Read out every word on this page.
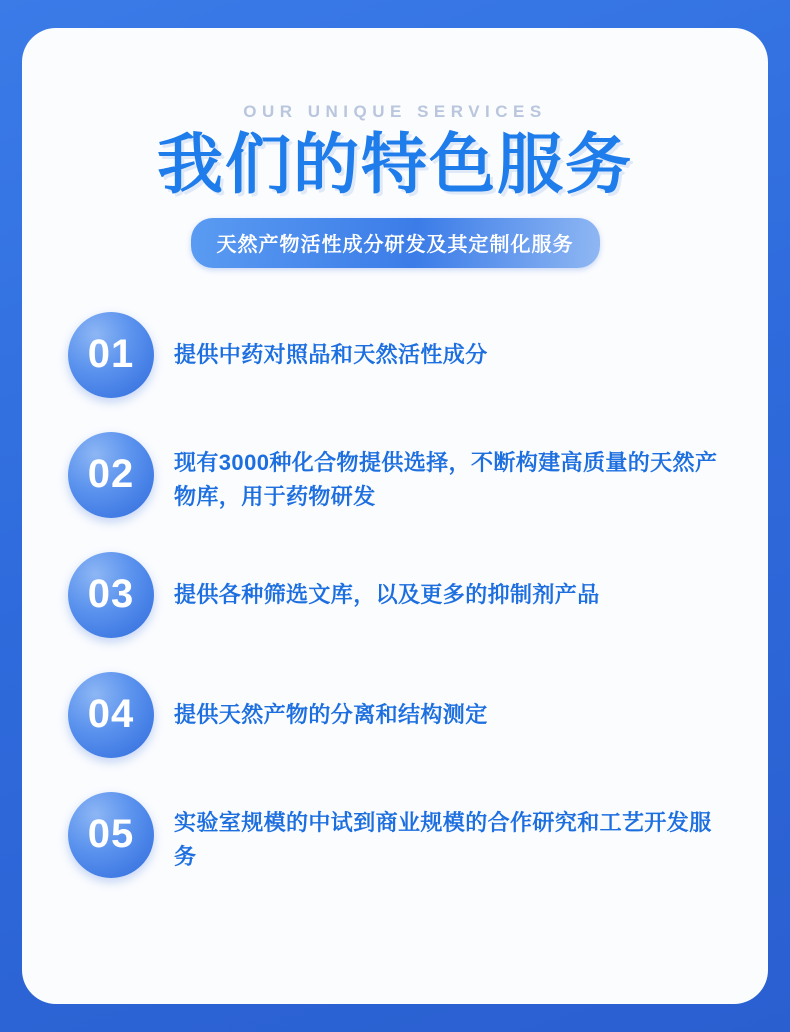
OUR UNIQUE SERVICES
我们的特色服务
天然产物活性成分研发及其定制化服务
01	提供中药对照品和天然活性成分
02	现有3000种化合物提供选择，不断构建高质量的天然产物库，用于药物研发
03	提供各种筛选文库，以及更多的抑制剂产品
04	提供天然产物的分离和结构测定
05	实验室规模的中试到商业规模的合作研究和工艺开发服务
